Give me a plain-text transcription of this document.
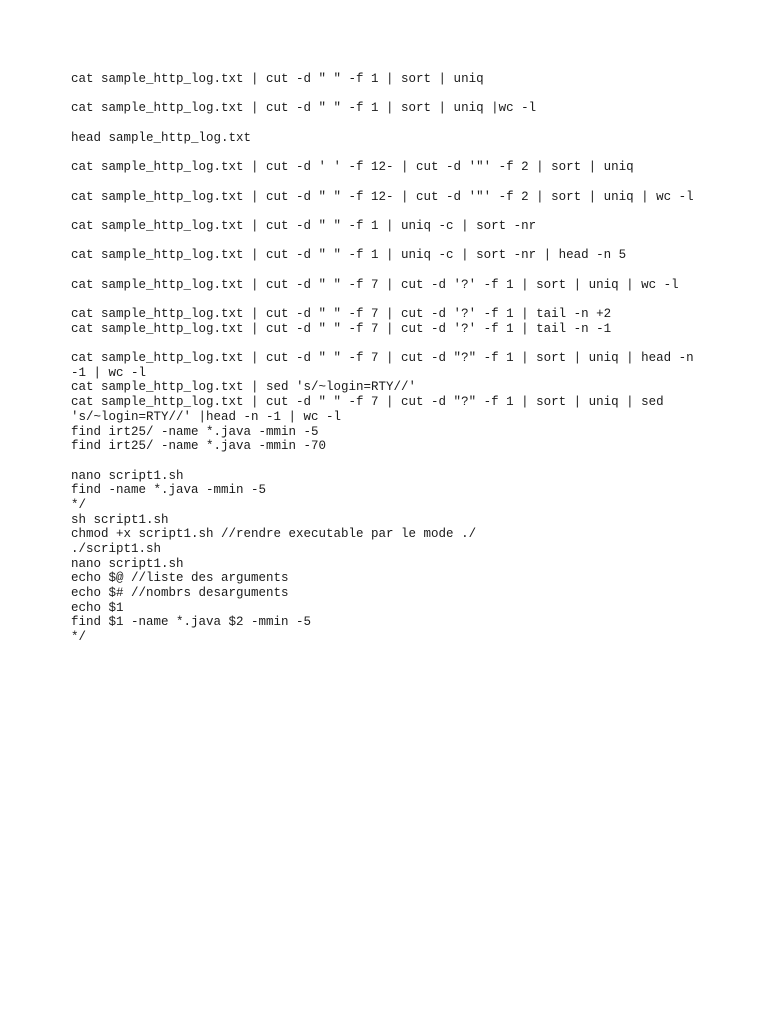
cat sample_http_log.txt | cut -d " " -f 1 | sort | uniq
cat sample_http_log.txt | cut -d " " -f 1 | sort | uniq |wc -l
head sample_http_log.txt
cat sample_http_log.txt | cut -d ' ' -f 12- | cut -d '"' -f 2 | sort | uniq
cat sample_http_log.txt | cut -d " " -f 12- | cut -d '"' -f 2 | sort | uniq | wc -l
cat sample_http_log.txt | cut -d " " -f 1 | uniq -c | sort -nr
cat sample_http_log.txt | cut -d " " -f 1 | uniq -c | sort -nr | head -n 5
cat sample_http_log.txt | cut -d " " -f 7 | cut -d '?' -f 1 | sort | uniq | wc -l
cat sample_http_log.txt | cut -d " " -f 7 | cut -d '?' -f 1 | tail -n +2
cat sample_http_log.txt | cut -d " " -f 7 | cut -d '?' -f 1 | tail -n -1
cat sample_http_log.txt | cut -d " " -f 7 | cut -d "?" -f 1 | sort | uniq | head -n
-1 | wc -l
cat sample_http_log.txt | sed 's/~login=RTY//'
cat sample_http_log.txt | cut -d " " -f 7 | cut -d "?" -f 1 | sort | uniq | sed
's/~login=RTY//' |head -n -1 | wc -l
find irt25/ -name *.java -mmin -5
find irt25/ -name *.java -mmin -70
nano script1.sh
find -name *.java -mmin -5
*/
sh script1.sh
chmod +x script1.sh //rendre executable par le mode ./
./script1.sh
nano script1.sh
echo $@ //liste des arguments
echo $# //nombrs desarguments
echo $1
find $1 -name *.java $2 -mmin -5
*/
